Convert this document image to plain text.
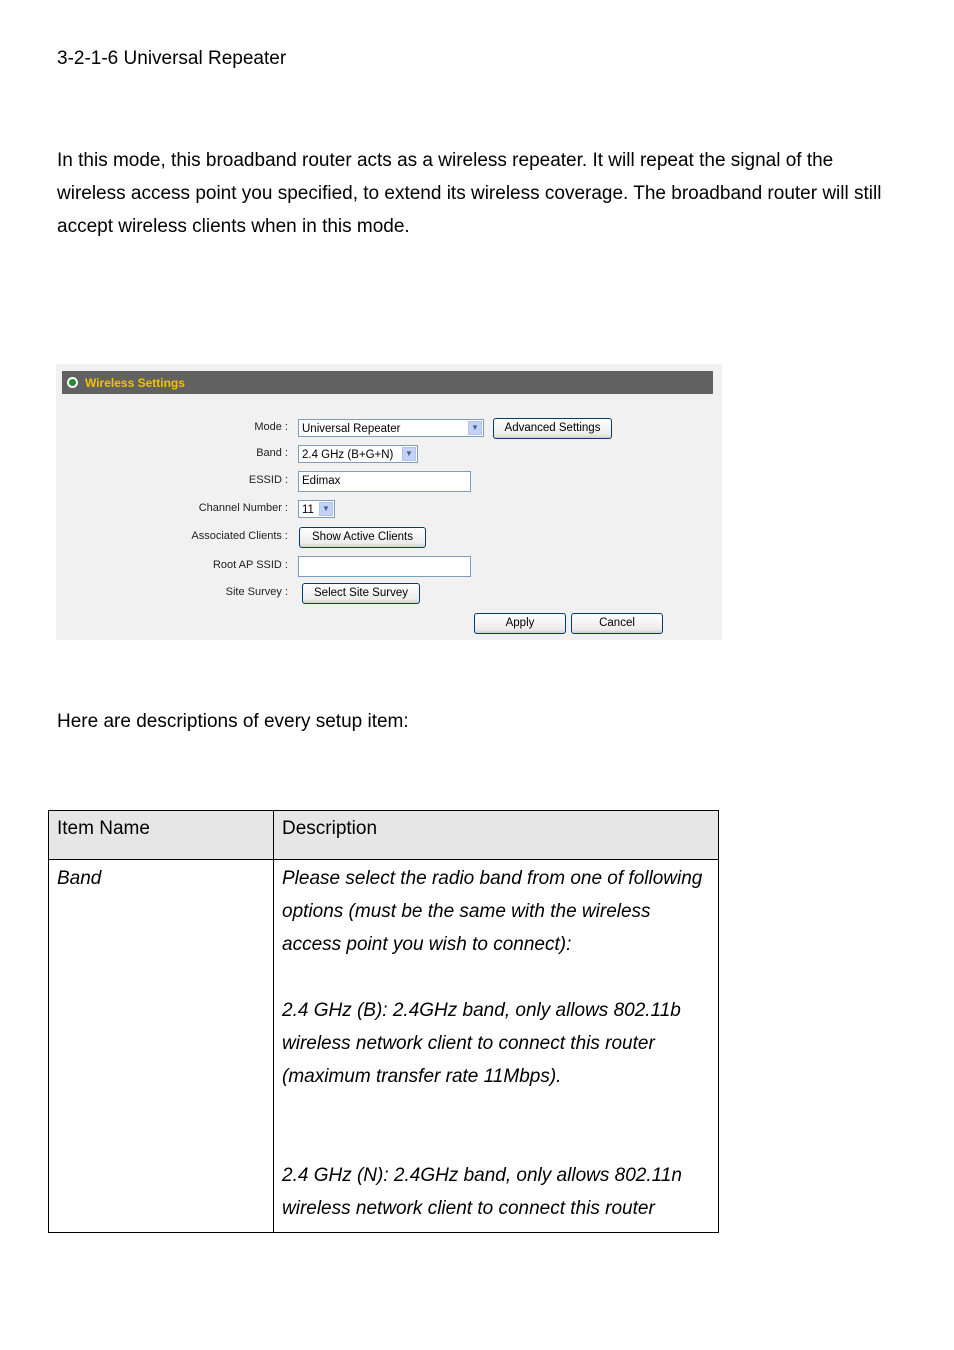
3-2-1-6 Universal Repeater
In this mode, this broadband router acts as a wireless repeater. It will repeat the signal of the wireless access point you specified, to extend its wireless coverage. The broadband router will still accept wireless clients when in this mode.
Wireless Settings
Mode :	Universal Repeater	▼	Advanced Settings
Band :	2.4 GHz (B+G+N)	▼
ESSID :	Edimax
Channel Number :	11	▼
Associated Clients :	Show Active Clients
Root AP SSID :
Site Survey :	Select Site Survey
Apply	Cancel
Here are descriptions of every setup item:
Item Name	Description
Band	Please select the radio band from one of following options (must be the same with the wireless access point you wish to connect):

2.4 GHz (B): 2.4GHz band, only allows 802.11b wireless network client to connect this router (maximum transfer rate 11Mbps).

2.4 GHz (N): 2.4GHz band, only allows 802.11n wireless network client to connect this router
